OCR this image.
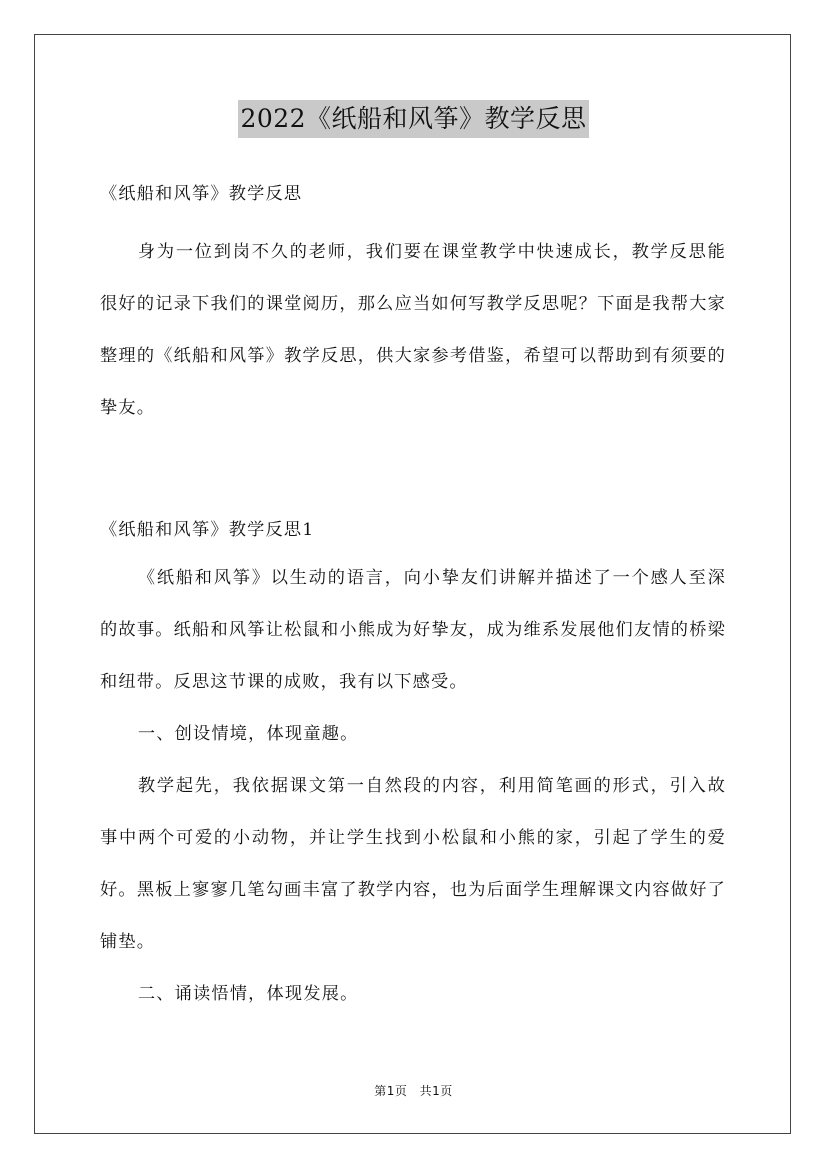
2022《纸船和风筝》教学反思

《纸船和风筝》教学反思

身为一位到岗不久的老师，我们要在课堂教学中快速成长，教学反思能很好的记录下我们的课堂阅历，那么应当如何写教学反思呢？下面是我帮大家整理的《纸船和风筝》教学反思，供大家参考借鉴，希望可以帮助到有须要的挚友。

《纸船和风筝》教学反思1

《纸船和风筝》以生动的语言，向小挚友们讲解并描述了一个感人至深的故事。纸船和风筝让松鼠和小熊成为好挚友，成为维系发展他们友情的桥梁和纽带。反思这节课的成败，我有以下感受。

一、创设情境，体现童趣。

教学起先，我依据课文第一自然段的内容，利用简笔画的形式，引入故事中两个可爱的小动物，并让学生找到小松鼠和小熊的家，引起了学生的爱好。黑板上寥寥几笔勾画丰富了教学内容，也为后面学生理解课文内容做好了铺垫。

二、诵读悟情，体现发展。

第1页 共1页
